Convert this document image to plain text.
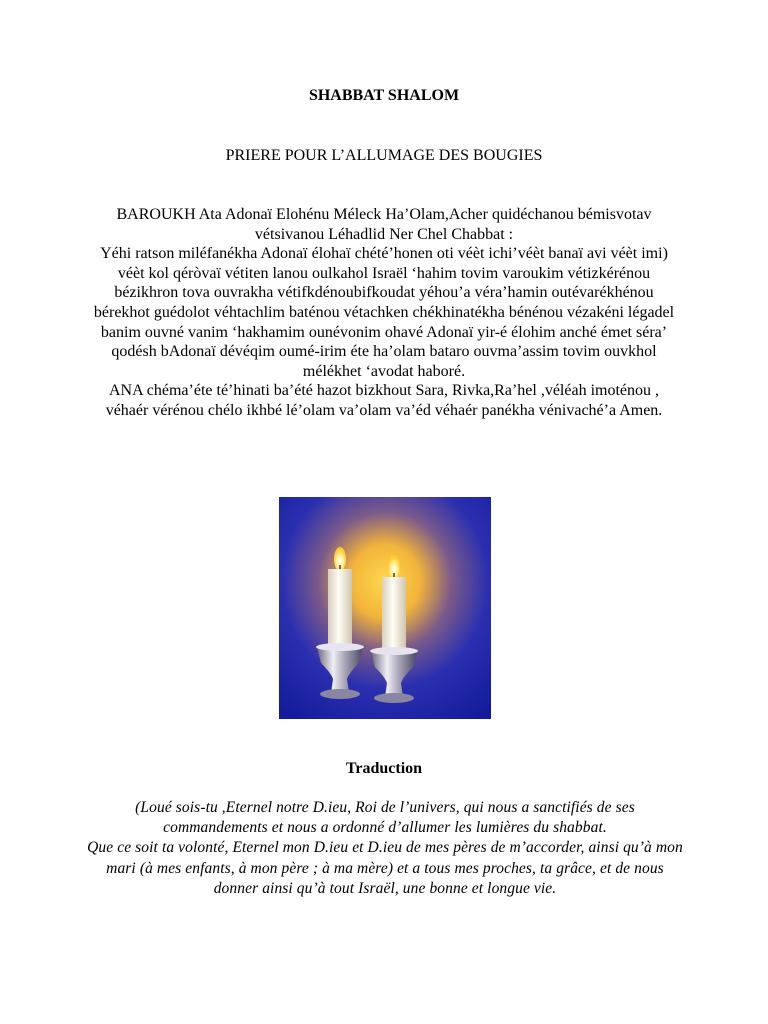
SHABBAT SHALOM
PRIERE POUR L’ALLUMAGE DES BOUGIES

BAROUKH Ata Adonaï Elohénu Méleck Ha’Olam,Acher quidéchanou bémisvotav vétsivanou Léhadlid Ner Chel Chabbat :

Yéhi ratson miléfanékha Adonaï élohaï chété’honen oti véèt ichi’véèt banaï avi véèt imi) véèt kol qéròvaï vétiten lanou oulkahol Israël ‘hahim tovim varoukim vétizkérénou bézikhron tova ouvrakha vétifkdénoubifkoudat yéhou’a véra’hamin outévarékhénou bérekhot guédolot véhtachlim baténou vétachken chékhinatékha bénénou vézakéni légadel banim ouvné vanim ‘hakhamim ounévonim ohavé Adonaï yir-é élohim anché émet séra’ qodésh bAdonaï dévéqim oumé-irim éte ha’olam bataro ouvma’assim tovim ouvkhol mélékhet ‘avodat haboré.

ANA chéma’éte té’hinati ba’été hazot bizkhout Sara, Rivka,Ra’hel ,véléah imoténou , véhaér vérénou chélo ikhbé lé’olam va’olam va’éd véhaér panékha vénivaché’a Amen.

Traduction

(Loué sois-tu ,Eternel notre D.ieu, Roi de l’univers, qui nous a sanctifiés de ses commandements et nous a ordonné d’allumer les lumières du shabbat.

Que ce soit ta volonté, Eternel mon D.ieu et D.ieu de mes pères de m’accorder, ainsi qu’à mon mari (à mes enfants, à mon père ; à ma mère) et a tous mes proches, ta grâce, et de nous donner ainsi qu’à tout Israël, une bonne et longue vie.
